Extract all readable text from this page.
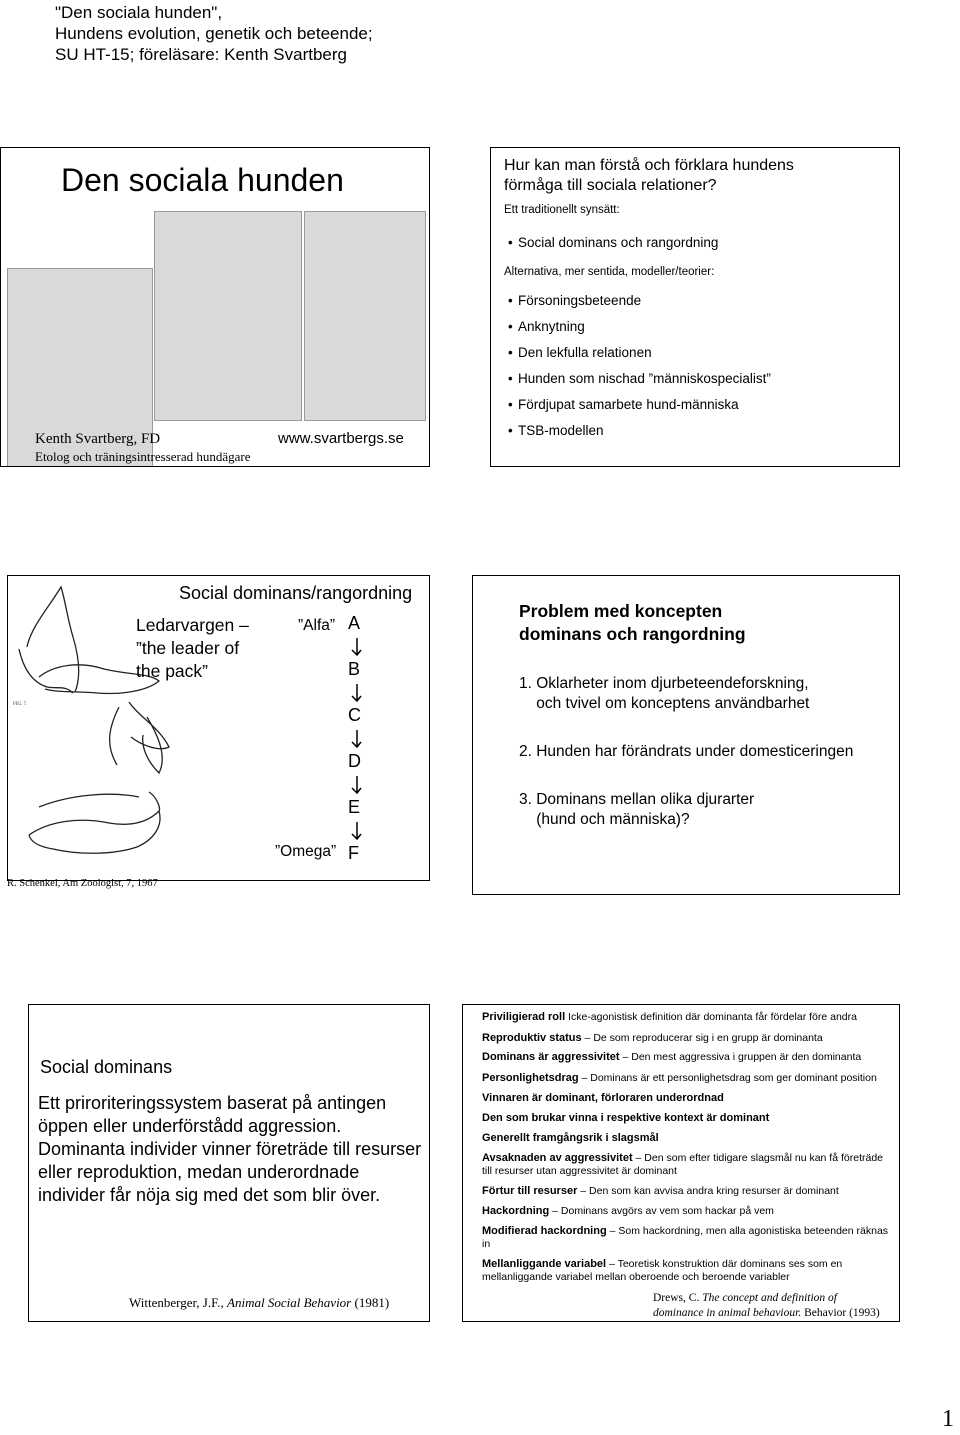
"Den sociala hunden",
Hundens evolution, genetik och beteende;
SU HT-15; föreläsare: Kenth Svartberg
Den sociala hunden
Kenth Svartberg, FD
Etolog och träningsintresserad hundägare
www.svartbergs.se
Hur kan man förstå och förklara hundens förmåga till sociala relationer?
Ett traditionellt synsätt:
• Social dominans och rangordning
Alternativa, mer sentida, modeller/teorier:
• Försoningsbeteende
• Anknytning
• Den lekfulla relationen
• Hunden som nischad ”människospecialist”
• Fördjupat samarbete hund-människa
• TSB-modellen
FIG. 7.
Social dominans/rangordning
Ledarvargen –
”the leader of
the pack”
”Alfa”
”Omega”
A
B
C
D
E
F
R. Schenkel, Am Zoologist, 7, 1967
Problem med koncepten
dominans och rangordning
1. Oklarheter inom djurbeteendeforskning,
och tvivel om konceptens användbarhet
2. Hunden har förändrats under domesticeringen
3. Dominans mellan olika djurarter
(hund och människa)?
Social dominans
Ett priroriteringssystem baserat på antingen öppen eller underförstådd aggression. Dominanta individer vinner företräde till resurser eller reproduktion, medan underordnade individer får nöja sig med det som blir över.
Wittenberger, J.F., Animal Social Behavior (1981)
Priviligierad roll Icke-agonistisk definition där dominanta får fördelar före andra
Reproduktiv status – De som reproducerar sig i en grupp är dominanta
Dominans är aggressivitet – Den mest aggressiva i gruppen är den dominanta
Personlighetsdrag – Dominans är ett personlighetsdrag som ger dominant position
Vinnaren är dominant, förloraren underordnad
Den som brukar vinna i respektive kontext är dominant
Generellt framgångsrik i slagsmål
Avsaknaden av aggressivitet – Den som efter tidigare slagsmål nu kan få företräde till resurser utan aggressivitet är dominant
Förtur till resurser – Den som kan avvisa andra kring resurser är dominant
Hackordning – Dominans avgörs av vem som hackar på vem
Modifierad hackordning – Som hackordning, men alla agonistiska beteenden räknas in
Mellanliggande variabel – Teoretisk konstruktion där dominans ses som en mellanliggande variabel mellan oberoende och beroende variabler
Drews, C. The concept and definition of
dominance in animal behaviour. Behavior (1993)
1
